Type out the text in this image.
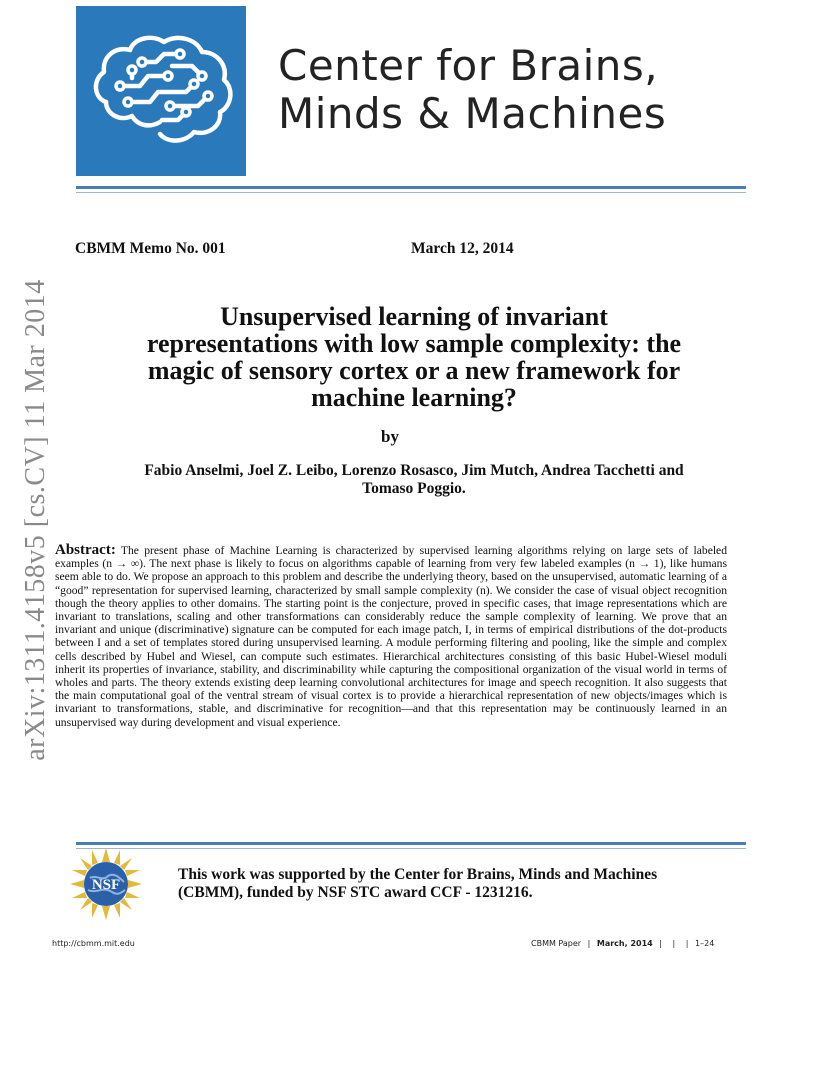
Center for Brains,
Minds & Machines
CBMM Memo No. 001	March 12, 2014
arXiv:1311.4158v5 [cs.CV] 11 Mar 2014	Unsupervised learning of invariant
representations with low sample complexity: the
magic of sensory cortex or a new framework for
machine learning?
by
Fabio Anselmi, Joel Z. Leibo, Lorenzo Rosasco, Jim Mutch, Andrea Tacchetti and
Tomaso Poggio.
Abstract: The present phase of Machine Learning is characterized by supervised learning algorithms relying on large sets of labeled examples (n → ∞). The next phase is likely to focus on algorithms capable of learning from very few labeled examples (n → 1), like humans seem able to do. We propose an approach to this problem and describe the underlying theory, based on the unsupervised, automatic learning of a “good” representation for supervised learning, characterized by small sample complexity (n). We consider the case of visual object recognition though the theory applies to other domains. The starting point is the conjecture, proved in specific cases, that image representations which are invariant to translations, scaling and other transformations can considerably reduce the sample complexity of learning. We prove that an invariant and unique (discriminative) signature can be computed for each image patch, I, in terms of empirical distributions of the dot-products between I and a set of templates stored during unsupervised learning. A module performing filtering and pooling, like the simple and complex cells described by Hubel and Wiesel, can compute such estimates. Hierarchical architectures consisting of this basic Hubel-Wiesel moduli inherit its properties of invariance, stability, and discriminability while capturing the compositional organization of the visual world in terms of wholes and parts. The theory extends existing deep learning convolutional architectures for image and speech recognition. It also suggests that the main computational goal of the ventral stream of visual cortex is to provide a hierarchical representation of new objects/images which is invariant to transformations, stable, and discriminative for recognition—and that this representation may be continuously learned in an unsupervised way during development and visual experience.
NSF
This work was supported by the Center for Brains, Minds and Machines
(CBMM), funded by NSF STC award CCF - 1231216.
http://cbmm.mit.edu	CBMM Paper | March, 2014 | | | 1–24
